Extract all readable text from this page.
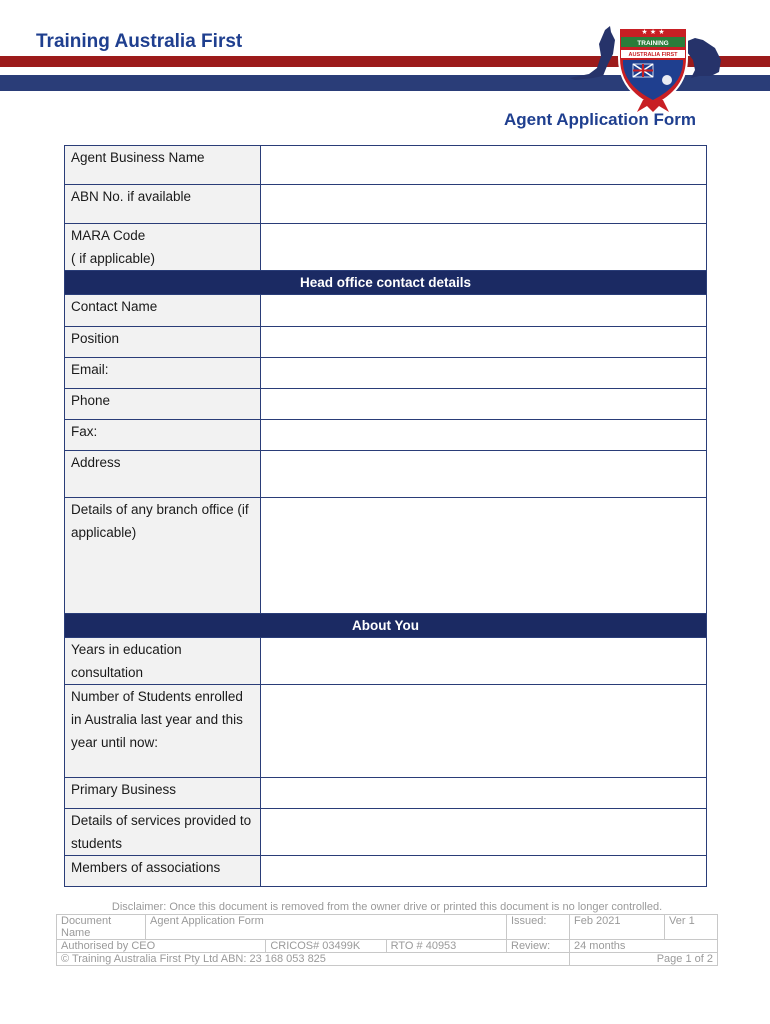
Training Australia First	TRAINING
AUSTRALIA FIRST
★ ★ ★
Agent Application Form
Agent Business Name	
ABN No. if available	
MARA Code
( if applicable)	
Head office contact details	
Contact Name	
Position	
Email:	
Phone	
Fax:	
Address	
Details of any branch office (if applicable)	
About You	
Years in education consultation	
Number of Students enrolled in Australia last year and this year until now:	
Primary Business	
Details of services provided to students	
Members of associations	
Disclaimer: Once this document is removed from the owner drive or printed this document is no longer controlled.
Document Name	Agent Application Form			Issued:	Feb 2021	Ver 1
Authorised by CEO		CRICOS# 03499K	RTO # 40953	Review:	24 months	
© Training Australia First Pty Ltd ABN: 23 168 053 825					Page 1 of 2	
